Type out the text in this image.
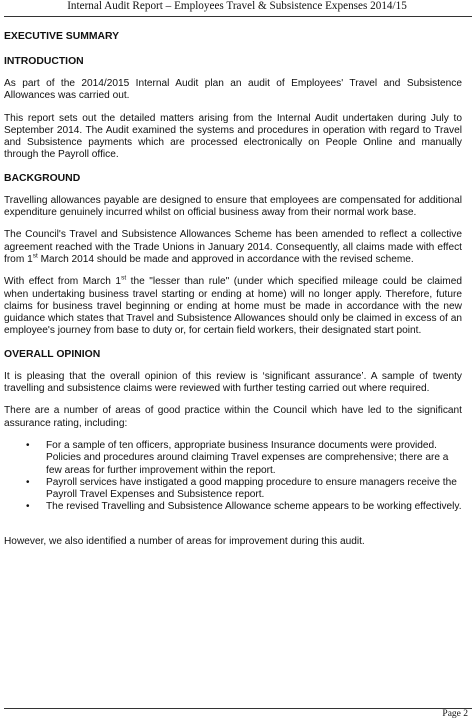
Internal Audit Report – Employees Travel & Subsistence Expenses 2014/15
EXECUTIVE SUMMARY
INTRODUCTION

As part of the 2014/2015 Internal Audit plan an audit of Employees' Travel and Subsistence Allowances was carried out.

This report sets out the detailed matters arising from the Internal Audit undertaken during July to September 2014. The Audit examined the systems and procedures in operation with regard to Travel and Subsistence payments which are processed electronically on People Online and manually through the Payroll office.

BACKGROUND

Travelling allowances payable are designed to ensure that employees are compensated for additional expenditure genuinely incurred whilst on official business away from their normal work base.

The Council's Travel and Subsistence Allowances Scheme has been amended to reflect a collective agreement reached with the Trade Unions in January 2014. Consequently, all claims made with effect from 1st March 2014 should be made and approved in accordance with the revised scheme.

With effect from March 1st the "lesser than rule" (under which specified mileage could be claimed when undertaking business travel starting or ending at home) will no longer apply. Therefore, future claims for business travel beginning or ending at home must be made in accordance with the new guidance which states that Travel and Subsistence Allowances should only be claimed in excess of an employee's journey from base to duty or, for certain field workers, their designated start point.

OVERALL OPINION

It is pleasing that the overall opinion of this review is ‘significant assurance’. A sample of twenty travelling and subsistence claims were reviewed with further testing carried out where required.

There are a number of areas of good practice within the Council which have led to the significant assurance rating, including:

• For a sample of ten officers, appropriate business Insurance documents were provided. Policies and procedures around claiming Travel expenses are comprehensive; there are a few areas for further improvement within the report.
• Payroll services have instigated a good mapping procedure to ensure managers receive the Payroll Travel Expenses and Subsistence report.
• The revised Travelling and Subsistence Allowance scheme appears to be working effectively.

However, we also identified a number of areas for improvement during this audit.

Page 2
